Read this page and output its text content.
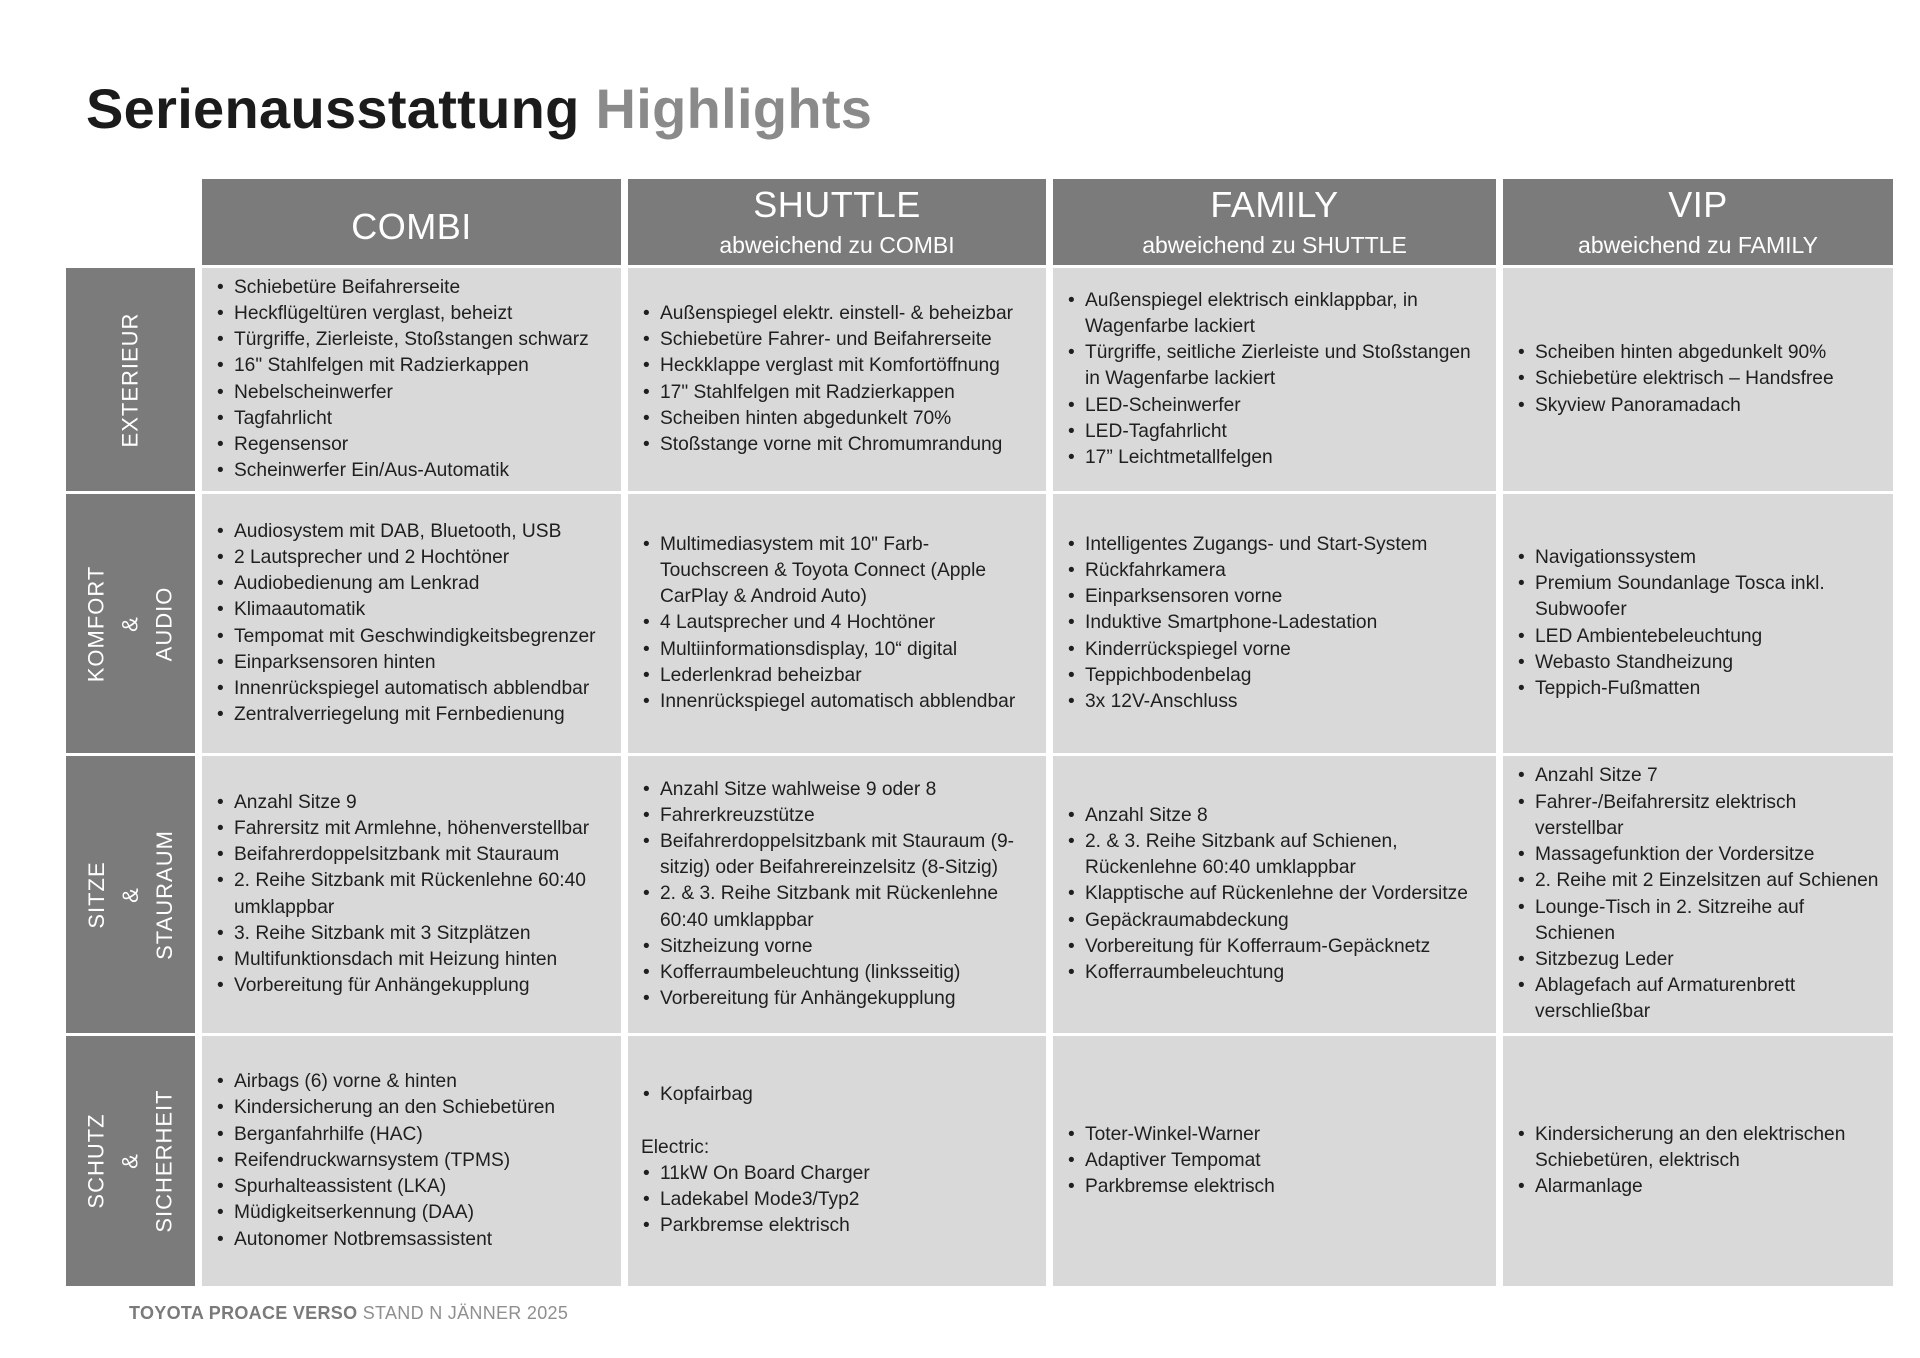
Serienausstattung Highlights
COMBI
SHUTTLE
abweichend zu COMBI
FAMILY
abweichend zu SHUTTLE
VIP
abweichend zu FAMILY
EXTERIEUR
• Schiebetüre Beifahrerseite
• Heckflügeltüren verglast, beheizt
• Türgriffe, Zierleiste, Stoßstangen schwarz
• 16" Stahlfelgen mit Radzierkappen
• Nebelscheinwerfer
• Tagfahrlicht
• Regensensor
• Scheinwerfer Ein/Aus-Automatik
• Außenspiegel elektr. einstell- & beheizbar
• Schiebetüre Fahrer- und Beifahrerseite
• Heckklappe verglast mit Komfortöffnung
• 17" Stahlfelgen mit Radzierkappen
• Scheiben hinten abgedunkelt 70%
• Stoßstange vorne mit Chromumrandung
• Außenspiegel elektrisch einklappbar, in Wagenfarbe lackiert
• Türgriffe, seitliche Zierleiste und Stoßstangen in Wagenfarbe lackiert
• LED-Scheinwerfer
• LED-Tagfahrlicht
• 17” Leichtmetallfelgen
• Scheiben hinten abgedunkelt 90%
• Schiebetüre elektrisch – Handsfree
• Skyview Panoramadach
KOMFORT
&
AUDIO
• Audiosystem mit DAB, Bluetooth, USB
• 2 Lautsprecher und 2 Hochtöner
• Audiobedienung am Lenkrad
• Klimaautomatik
• Tempomat mit Geschwindigkeitsbegrenzer
• Einparksensoren hinten
• Innenrückspiegel automatisch abblendbar
• Zentralverriegelung mit Fernbedienung
• Multimediasystem mit 10" Farb-Touchscreen & Toyota Connect (Apple CarPlay & Android Auto)
• 4 Lautsprecher und 4 Hochtöner
• Multiinformationsdisplay, 10“ digital
• Lederlenkrad beheizbar
• Innenrückspiegel automatisch abblendbar
• Intelligentes Zugangs- und Start-System
• Rückfahrkamera
• Einparksensoren vorne
• Induktive Smartphone-Ladestation
• Kinderrückspiegel vorne
• Teppichbodenbelag
• 3x 12V-Anschluss
• Navigationssystem
• Premium Soundanlage Tosca inkl. Subwoofer
• LED Ambientebeleuchtung
• Webasto Standheizung
• Teppich-Fußmatten
SITZE
&
STAURAUM
• Anzahl Sitze 9
• Fahrersitz mit Armlehne, höhenverstellbar
• Beifahrerdoppelsitzbank mit Stauraum
• 2. Reihe Sitzbank mit Rückenlehne 60:40 umklappbar
• 3. Reihe Sitzbank mit 3 Sitzplätzen
• Multifunktionsdach mit Heizung hinten
• Vorbereitung für Anhängekupplung
• Anzahl Sitze wahlweise 9 oder 8
• Fahrerkreuzstütze
• Beifahrerdoppelsitzbank mit Stauraum (9-sitzig) oder Beifahrereinzelsitz (8-Sitzig)
• 2. & 3. Reihe Sitzbank mit Rückenlehne 60:40 umklappbar
• Sitzheizung vorne
• Kofferraumbeleuchtung (linksseitig)
• Vorbereitung für Anhängekupplung
• Anzahl Sitze 8
• 2. & 3. Reihe Sitzbank auf Schienen, Rückenlehne 60:40 umklappbar
• Klapptische auf Rückenlehne der Vordersitze
• Gepäckraumabdeckung
• Vorbereitung für Kofferraum-Gepäcknetz
• Kofferraumbeleuchtung
• Anzahl Sitze 7
• Fahrer-/Beifahrersitz elektrisch verstellbar
• Massagefunktion der Vordersitze
• 2. Reihe mit 2 Einzelsitzen auf Schienen
• Lounge-Tisch in 2. Sitzreihe auf Schienen
• Sitzbezug Leder
• Ablagefach auf Armaturenbrett verschließbar
SCHUTZ
&
SICHERHEIT
• Airbags (6) vorne & hinten
• Kindersicherung an den Schiebetüren
• Berganfahrhilfe (HAC)
• Reifendruckwarnsystem (TPMS)
• Spurhalteassistent (LKA)
• Müdigkeitserkennung (DAA)
• Autonomer Notbremsassistent
• Kopfairbag
Electric:
• 11kW On Board Charger
• Ladekabel Mode3/Typ2
• Parkbremse elektrisch
• Toter-Winkel-Warner
• Adaptiver Tempomat
• Parkbremse elektrisch
• Kindersicherung an den elektrischen Schiebetüren, elektrisch
• Alarmanlage
TOYOTA PROACE VERSO STAND N JÄNNER 2025
